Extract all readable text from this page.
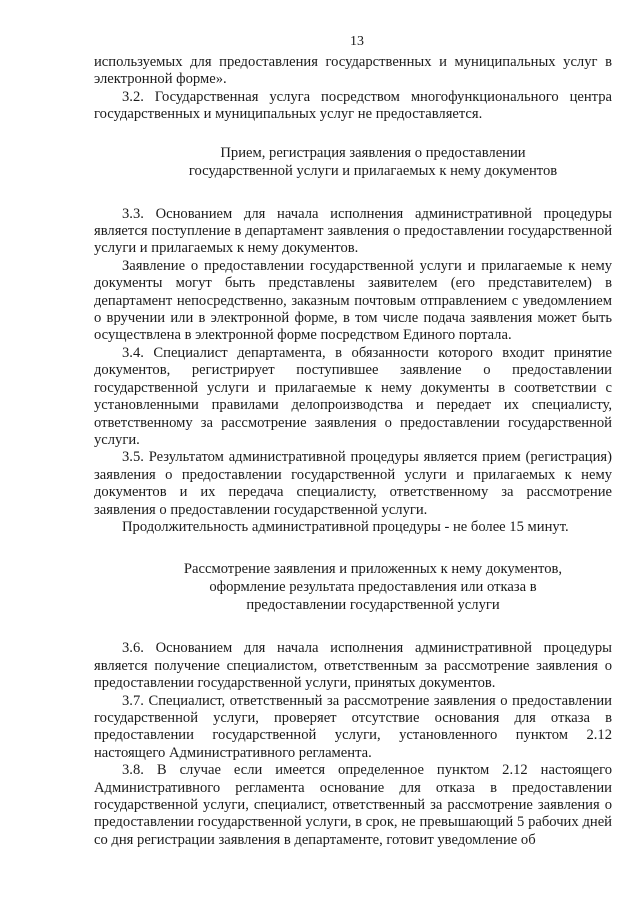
13

используемых для предоставления государственных и муниципальных услуг в электронной форме».

3.2. Государственная услуга посредством многофункционального центра государственных и муниципальных услуг не предоставляется.

Прием, регистрация заявления о предоставлении
государственной услуги и прилагаемых к нему документов

3.3. Основанием для начала исполнения административной процедуры является поступление в департамент заявления о предоставлении государственной услуги и прилагаемых к нему документов.

Заявление о предоставлении государственной услуги и прилагаемые к нему документы могут быть представлены заявителем (его представителем) в департамент непосредственно, заказным почтовым отправлением с уведомлением о вручении или в электронной форме, в том числе подача заявления может быть осуществлена в электронной форме посредством Единого портала.

3.4. Специалист департамента, в обязанности которого входит принятие документов, регистрирует поступившее заявление о предоставлении государственной услуги и прилагаемые к нему документы в соответствии с установленными правилами делопроизводства и передает их специалисту, ответственному за рассмотрение заявления о предоставлении государственной услуги.

3.5. Результатом административной процедуры является прием (регистрация) заявления о предоставлении государственной услуги и прилагаемых к нему документов и их передача специалисту, ответственному за рассмотрение заявления о предоставлении государственной услуги.

Продолжительность административной процедуры - не более 15 минут.

Рассмотрение заявления и приложенных к нему документов,
оформление результата предоставления или отказа в
предоставлении государственной услуги

3.6. Основанием для начала исполнения административной процедуры является получение специалистом, ответственным за рассмотрение заявления о предоставлении государственной услуги, принятых документов.

3.7. Специалист, ответственный за рассмотрение заявления о предоставлении государственной услуги, проверяет отсутствие основания для отказа в предоставлении государственной услуги, установленного пунктом 2.12 настоящего Административного регламента.

3.8. В случае если имеется определенное пунктом 2.12 настоящего Административного регламента основание для отказа в предоставлении государственной услуги, специалист, ответственный за рассмотрение заявления о предоставлении государственной услуги, в срок, не превышающий 5 рабочих дней со дня регистрации заявления в департаменте, готовит уведомление об
